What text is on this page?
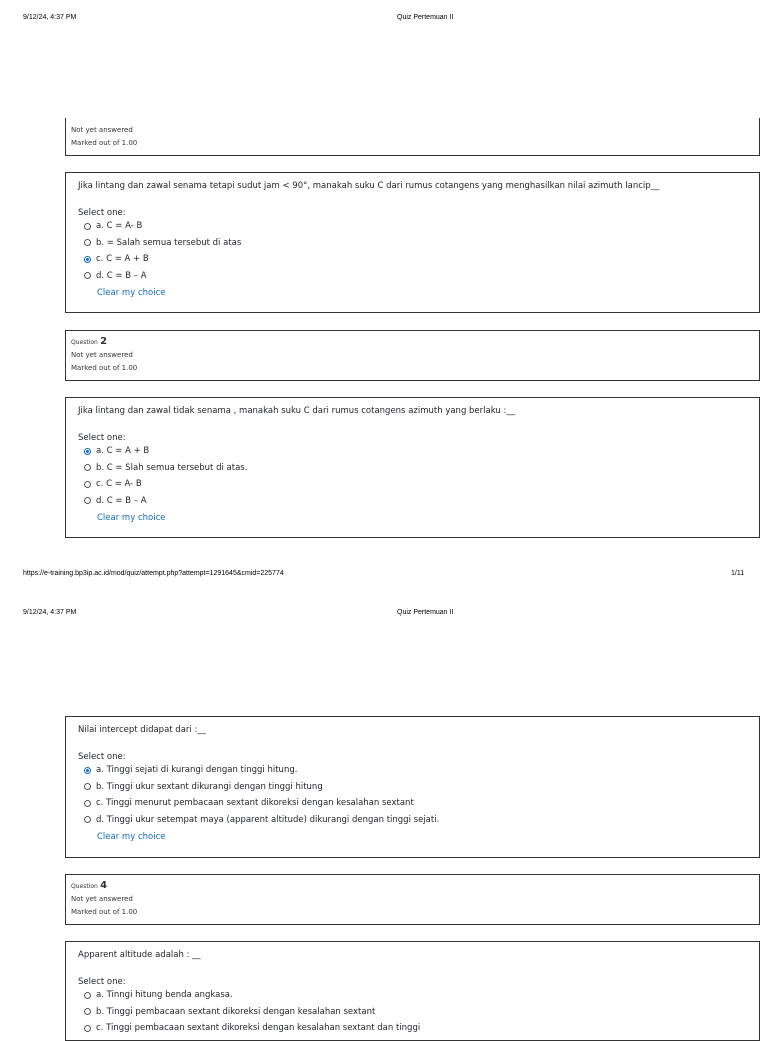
9/12/24, 4:37 PM	Quiz Pertemuan II
Not yet answered
Marked out of 1.00
Jika lintang dan zawal senama tetapi sudut jam < 90°, manakah suku C dari rumus cotangens yang menghasilkan nilai azimuth lancip__
Select one:
a. C = A- B
b. = Salah semua tersebut di atas
c. C = A + B
d. C = B – A
Clear my choice
Question 2
Not yet answered
Marked out of 1.00
Jika lintang dan zawal tidak senama , manakah suku C dari rumus cotangens azimuth yang berlaku :__
Select one:
a. C = A + B
b. C = Slah semua tersebut di atas.
c. C = A- B
d. C = B – A
Clear my choice
https://e-training.bp3ip.ac.id/mod/quiz/attempt.php?attempt=1291645&cmid=225774	1/11
9/12/24, 4:37 PM	Quiz Pertemuan II
Nilai intercept didapat dari :__
Select one:
a. Tinggi sejati di kurangi dengan tinggi hitung.
b. Tinggi ukur sextant dikurangi dengan tinggi hitung
c. Tinggi menurut pembacaan sextant dikoreksi dengan kesalahan sextant
d. Tinggi ukur setempat maya (apparent altitude) dikurangi dengan tinggi sejati.
Clear my choice
Question 4
Not yet answered
Marked out of 1.00
Apparent altitude adalah : __
Select one:
a. Tinngi hitung benda angkasa.
b. Tinggi pembacaan sextant dikoreksi dengan kesalahan sextant
c. Tinggi pembacaan sextant dikoreksi dengan kesalahan sextant dan tinggi
